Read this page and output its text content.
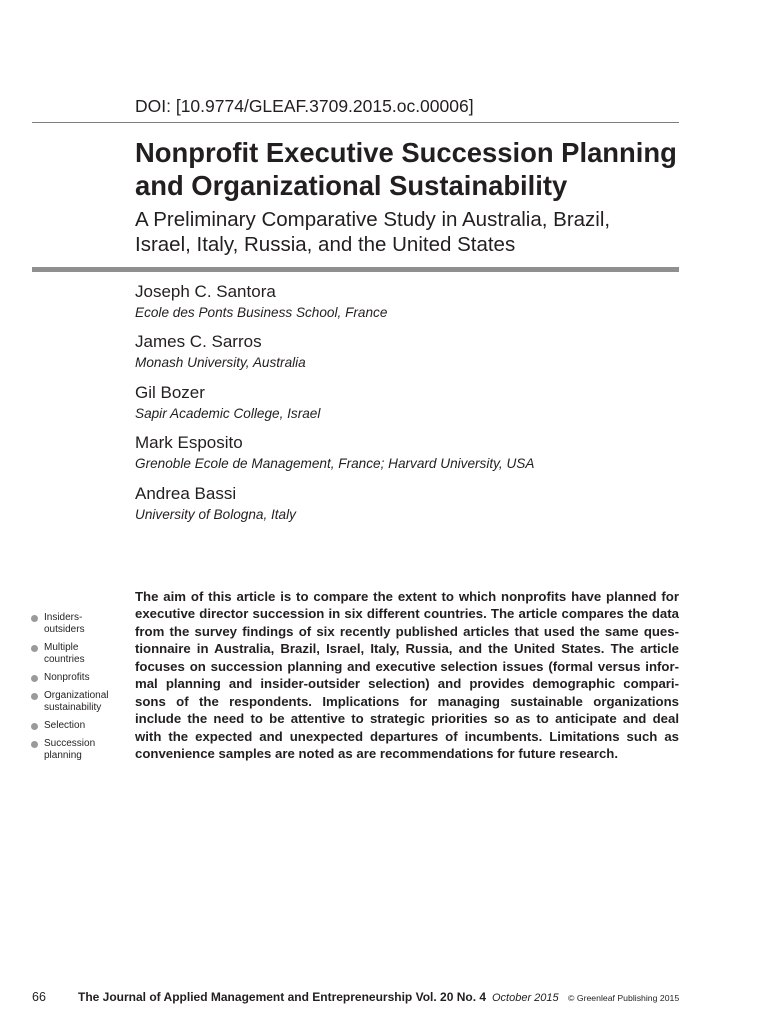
DOI: [10.9774/GLEAF.3709.2015.oc.00006]
Nonprofit Executive Succession Planning and Organizational Sustainability
A Preliminary Comparative Study in Australia, Brazil, Israel, Italy, Russia, and the United States
Joseph C. Santora
Ecole des Ponts Business School, France
James C. Sarros
Monash University, Australia
Gil Bozer
Sapir Academic College, Israel
Mark Esposito
Grenoble Ecole de Management, France; Harvard University, USA
Andrea Bassi
University of Bologna, Italy
Insiders-outsiders
Multiple countries
Nonprofits
Organizational sustainability
Selection
Succession planning
The aim of this article is to compare the extent to which nonprofits have planned for
executive director succession in six different countries. The article compares the data
from the survey findings of six recently published articles that used the same ques-
tionnaire in Australia, Brazil, Israel, Italy, Russia, and the United States. The article
focuses on succession planning and executive selection issues (formal versus infor-
mal planning and insider-outsider selection) and provides demographic compari-
sons of the respondents. Implications for managing sustainable organizations
include the need to be attentive to strategic priorities so as to anticipate and deal
with the expected and unexpected departures of incumbents. Limitations such as
convenience samples are noted as are recommendations for future research.
66	The Journal of Applied Management and Entrepreneurship Vol. 20 No. 4 October 2015	© Greenleaf Publishing 2015
